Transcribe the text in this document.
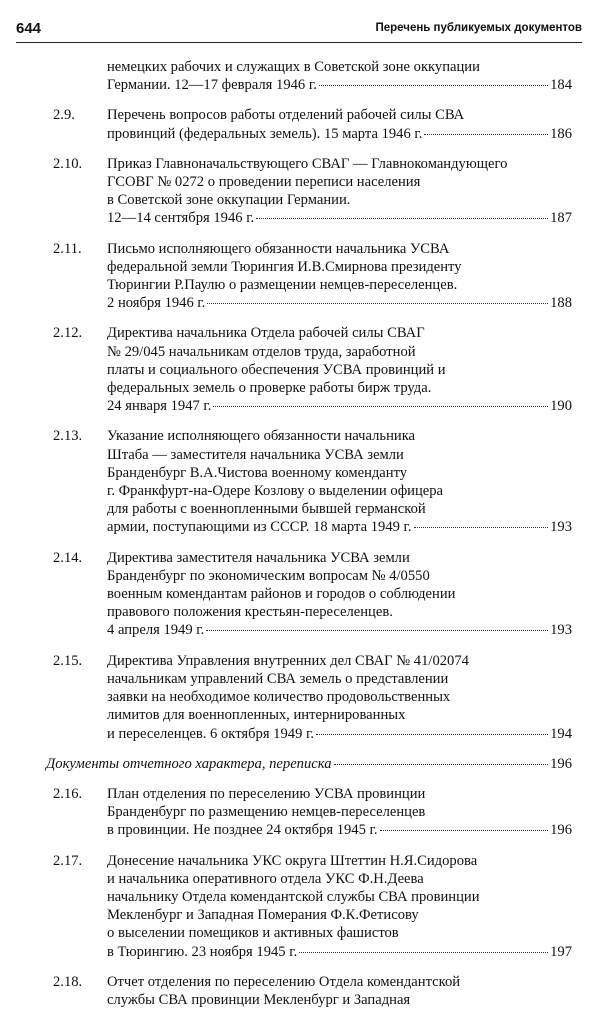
644	Перечень публикуемых документов
немецких рабочих и служащих в Советской зоне оккупации
Германии. 12—17 февраля 1946 г.	184
2.9. Перечень вопросов работы отделений рабочей силы СВА
провинций (федеральных земель). 15 марта 1946 г.	186
2.10. Приказ Главноначальствующего СВАГ — Главнокомандующего
ГСОВГ № 0272 о проведении переписи населения
в Советской зоне оккупации Германии.
12—14 сентября 1946 г.	187
2.11. Письмо исполняющего обязанности начальника УСВА
федеральной земли Тюрингия И.В.Смирнова президенту
Тюрингии Р.Паулю о размещении немцев-переселенцев.
2 ноября 1946 г.	188
2.12. Директива начальника Отдела рабочей силы СВАГ
№ 29/045 начальникам отделов труда, заработной
платы и социального обеспечения УСВА провинций и
федеральных земель о проверке работы бирж труда.
24 января 1947 г.	190
2.13. Указание исполняющего обязанности начальника
Штаба — заместителя начальника УСВА земли
Бранденбург В.А.Чистова военному коменданту
г. Франкфурт-на-Одере Козлову о выделении офицера
для работы с военнопленными бывшей германской
армии, поступающими из СССР. 18 марта 1949 г.	193
2.14. Директива заместителя начальника УСВА земли
Бранденбург по экономическим вопросам № 4/0550
военным комендантам районов и городов о соблюдении
правового положения крестьян-переселенцев.
4 апреля 1949 г.	193
2.15. Директива Управления внутренних дел СВАГ № 41/02074
начальникам управлений СВА земель о представлении
заявки на необходимое количество продовольственных
лимитов для военнопленных, интернированных
и переселенцев. 6 октября 1949 г.	194
Документы отчетного характера, переписка	196
2.16. План отделения по переселению УСВА провинции
Бранденбург по размещению немцев-переселенцев
в провинции. Не позднее 24 октября 1945 г.	196
2.17. Донесение начальника УКС округа Штеттин Н.Я.Сидорова
и начальника оперативного отдела УКС Ф.Н.Деева
начальнику Отдела комендантской службы СВА провинции
Мекленбург и Западная Померания Ф.К.Фетисову
о выселении помещиков и активных фашистов
в Тюрингию. 23 ноября 1945 г.	197
2.18. Отчет отделения по переселению Отдела комендантской
службы СВА провинции Мекленбург и Западная
